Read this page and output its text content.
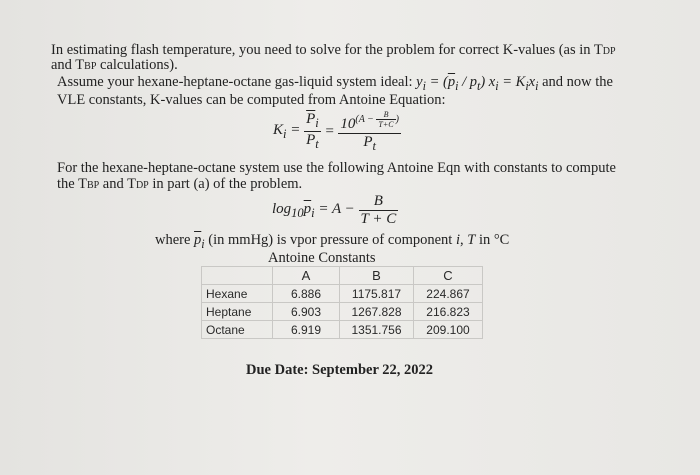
In estimating flash temperature, you need to solve for the problem for correct K-values (as in TDP
and TBP calculations).
Assume your hexane-heptane-octane gas-liquid system ideal: $y_i = (\overline{p}_i / p_t) x_i = K_ix_i$ and now the
VLE constants, K-values can be computed from Antoine Equation:
$K_i = \frac{\overline{P}_i}{P_t} = 10^{(A - \frac{B}{T+C} )}$
$P_t$
For the hexane-heptane-octane system use the following Antoine Eqn with constants to compute
the TBP and TDP in part (a) of the problem.
$\log_{10}\overline{p}_i = A - \frac{B}{T + C}$
where $\overline{p}_i$ (in mmHg) is vpor pressure of component i, T in °C
Antoine Constants
	A	B	C
Hexane	6.886	1175.817	224.867
Heptane	6.903	1267.828	216.823
Octane	6.919	1351.756	209.100
Due Date: September 22, 2022
